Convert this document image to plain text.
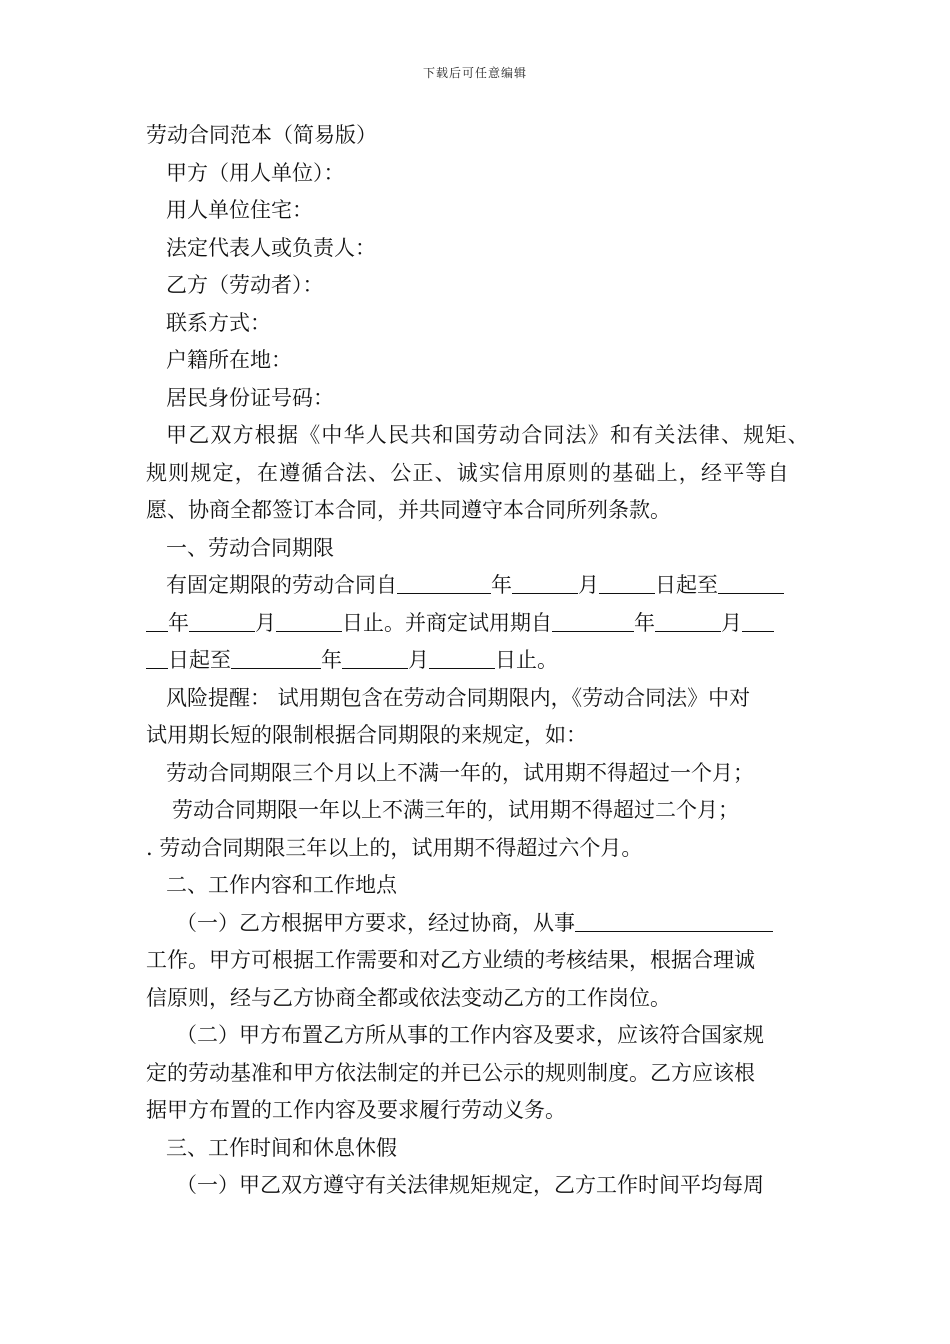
下载后可任意编辑
劳动合同范本（简易版）
甲方（用人单位）：
用人单位住宅：
法定代表人或负责人：
乙方（劳动者）：
联系方式：
户籍所在地：
居民身份证号码：
甲乙双方根据《中华人民共和国劳动合同法》和有关法律、规矩、
规则规定，在遵循合法、公正、诚实信用原则的基础上，经平等自
愿、协商全都签订本合同，并共同遵守本合同所列条款。
一、劳动合同期限
有固定期限的劳动合同自	年	月	日起至
年	月	日止。并商定试用期自	年	月
日起至	年	月	日止。
风险提醒： 试用期包含在劳动合同期限内，《劳动合同法》中对
试用期长短的限制根据合同期限的来规定，如：
劳动合同期限三个月以上不满一年的，试用期不得超过一个月；
劳动合同期限一年以上不满三年的，试用期不得超过二个月；
. 劳动合同期限三年以上的，试用期不得超过六个月。
二、工作内容和工作地点
（一）乙方根据甲方要求，经过协商，从事
工作。甲方可根据工作需要和对乙方业绩的考核结果，根据合理诚
信原则，经与乙方协商全都或依法变动乙方的工作岗位。
（二）甲方布置乙方所从事的工作内容及要求，应该符合国家规
定的劳动基准和甲方依法制定的并已公示的规则制度。乙方应该根
据甲方布置的工作内容及要求履行劳动义务。
三、工作时间和休息休假
（一）甲乙双方遵守有关法律规矩规定，乙方工作时间平均每周
